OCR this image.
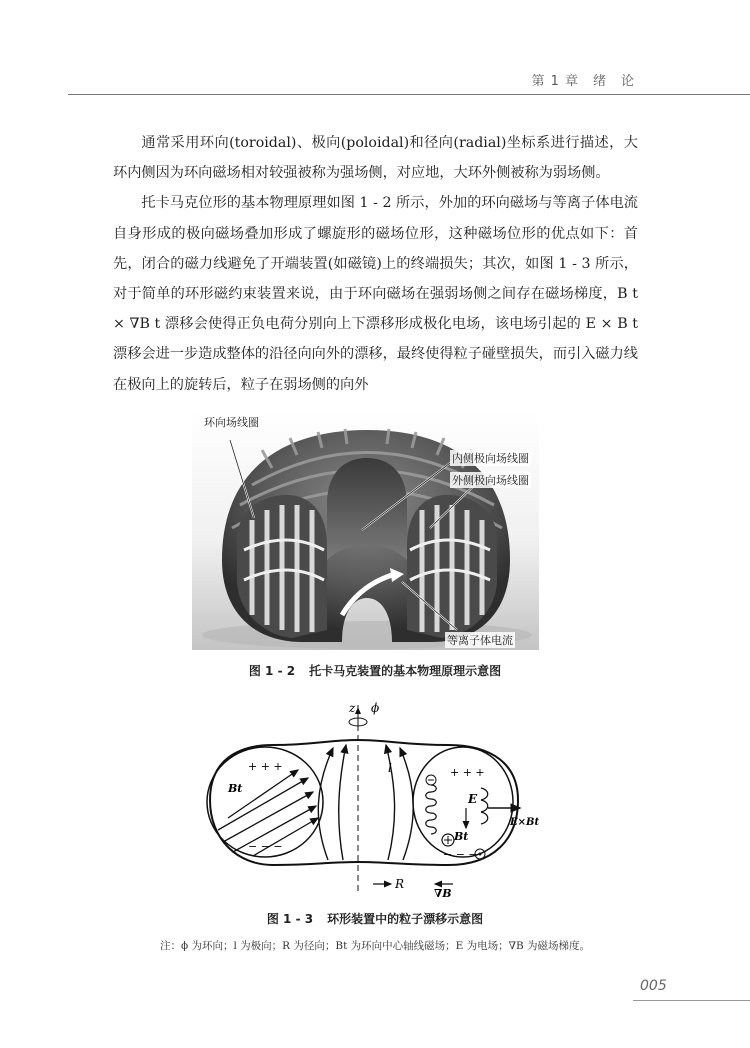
第 1 章 绪　论

通常采用环向(toroidal)、极向(poloidal)和径向(radial)坐标系进行描述，大环内侧因为环向磁场相对较强被称为强场侧，对应地，大环外侧被称为弱场侧。

托卡马克位形的基本物理原理如图 1 - 2 所示，外加的环向磁场与等离子体电流自身形成的极向磁场叠加形成了螺旋形的磁场位形，这种磁场位形的优点如下：首先，闭合的磁力线避免了开端装置(如磁镜)上的终端损失；其次，如图 1 - 3 所示，对于简单的环形磁约束装置来说，由于环向磁场在强弱场侧之间存在磁场梯度，B t × ∇B t 漂移会使得正负电荷分别向上下漂移形成极化电场，该电场引起的 E × B t 漂移会进一步造成整体的沿径向向外的漂移，最终使得粒子碰壁损失，而引入磁力线在极向上的旋转后，粒子在弱场侧的向外

环向场线圈
内侧极向场线圈
外侧极向场线圈
等离子体电流
图 1 - 2 托卡马克装置的基本物理原理示意图
z ϕ
l
Bt
E
Bt
E×Bt
R
∇B
+ + +
− − −
+ + +
− − −
图 1 - 3 环形装置中的粒子漂移示意图
注：ϕ 为环向；l 为极向；R 为径向；Bt 为环向中心轴线磁场；E 为电场；∇B 为磁场梯度。
005
